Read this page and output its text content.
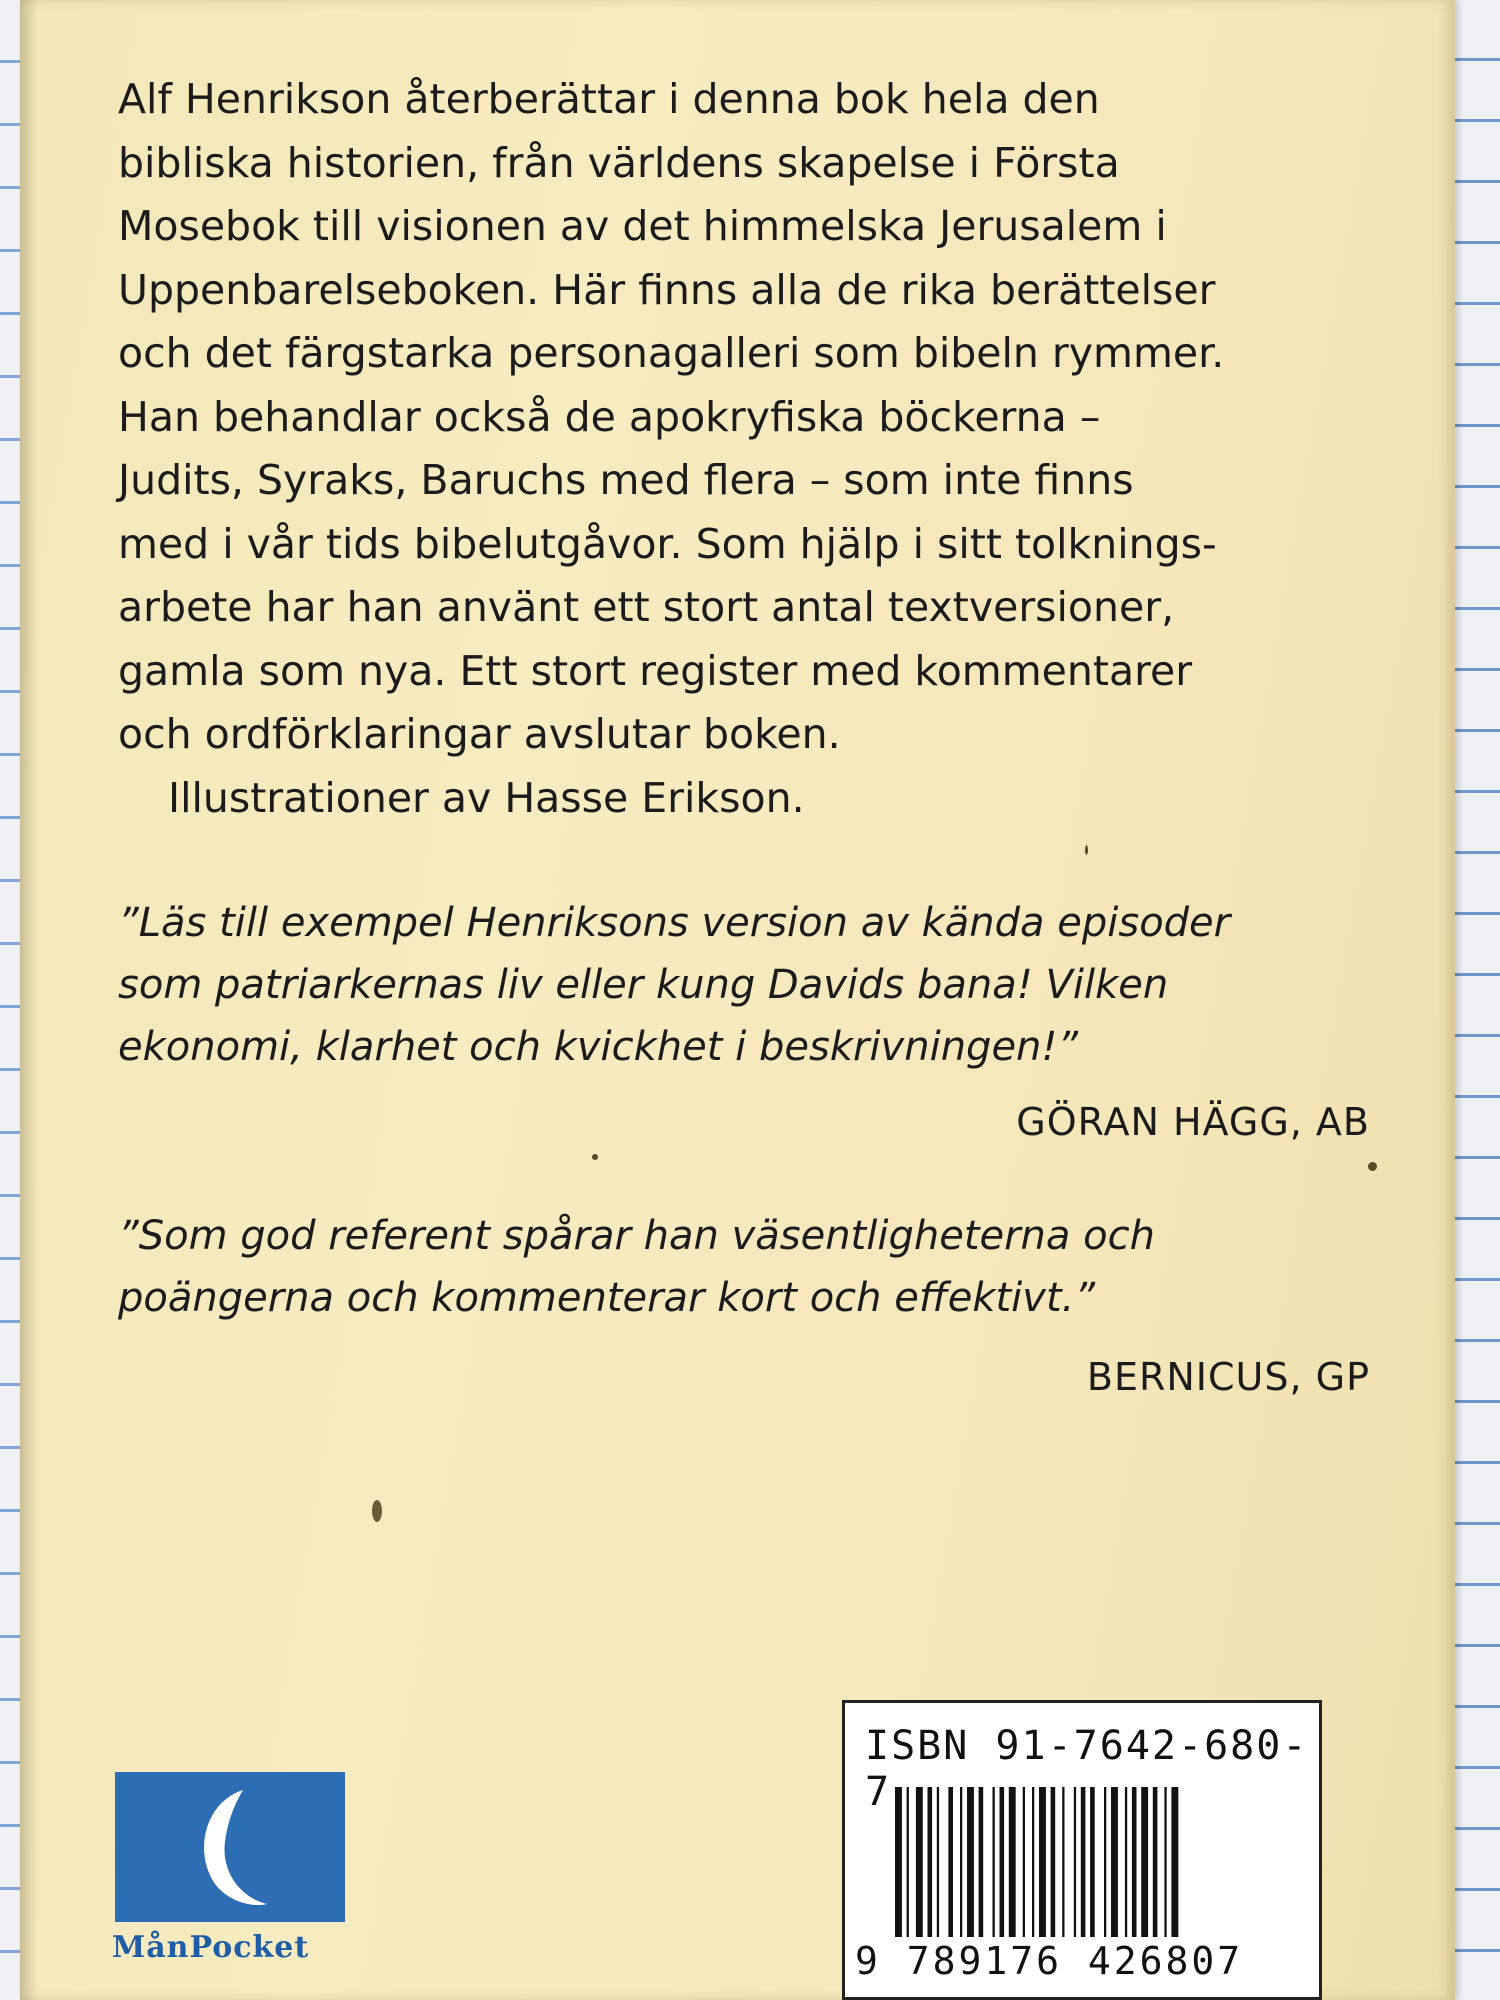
Alf Henrikson återberättar i denna bok hela den
bibliska historien, från världens skapelse i Första
Mosebok till visionen av det himmelska Jerusalem i
Uppenbarelseboken. Här finns alla de rika berättelser
och det färgstarka personagalleri som bibeln rymmer.
Han behandlar också de apokryfiska böckerna –
Judits, Syraks, Baruchs med flera – som inte finns
med i vår tids bibelutgåvor. Som hjälp i sitt tolknings-
arbete har han använt ett stort antal textversioner,
gamla som nya. Ett stort register med kommentarer
och ordförklaringar avslutar boken.
Illustrationer av Hasse Erikson.
”Läs till exempel Henriksons version av kända episoder
som patriarkernas liv eller kung Davids bana! Vilken
ekonomi, klarhet och kvickhet i beskrivningen!”
GÖRAN HÄGG, AB
”Som god referent spårar han väsentligheterna och
poängerna och kommenterar kort och effektivt.”
BERNICUS, GP
MånPocket
ISBN 91-7642-680-7
9 789176 426807
